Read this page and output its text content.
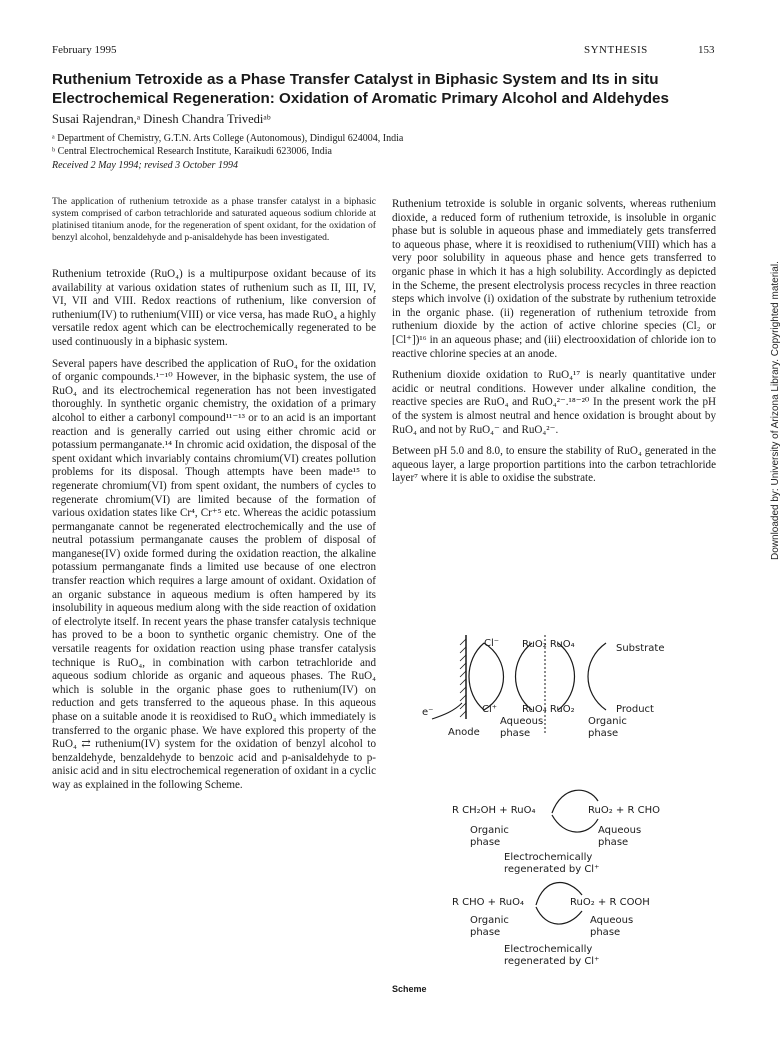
February 1995	SYNTHESIS	153
Ruthenium Tetroxide as a Phase Transfer Catalyst in Biphasic System and Its in situ Electrochemical Regeneration: Oxidation of Aromatic Primary Alcohol and Aldehydes
Susai Rajendran,ᵃ Dinesh Chandra Trivediᵃᵇ
ᵃ Department of Chemistry, G.T.N. Arts College (Autonomous), Dindigul 624004, India
ᵇ Central Electrochemical Research Institute, Karaikudi 623006, India
Received 2 May 1994; revised 3 October 1994
The application of ruthenium tetroxide as a phase transfer catalyst in a biphasic system comprised of carbon tetrachloride and saturated aqueous sodium chloride at platinised titanium anode, for the regeneration of spent oxidant, for the oxidation of benzyl alcohol, benzaldehyde and p-anisaldehyde has been investigated.

Ruthenium tetroxide (RuO₄) is a multipurpose oxidant because of its availability at various oxidation states of ruthenium such as II, III, IV, VI, VII and VIII. Redox reactions of ruthenium, like conversion of ruthenium(IV) to ruthenium(VIII) or vice versa, has made RuO₄ a highly versatile redox agent which can be electrochemically regenerated to be used continuously in a biphasic system.

Several papers have described the application of RuO₄ for the oxidation of organic compounds.¹⁻¹⁰ However, in the biphasic system, the use of RuO₄ and its electrochemical regeneration has not been investigated thoroughly. In synthetic organic chemistry, the oxidation of a primary alcohol to either a carbonyl compound¹¹⁻¹³ or to an acid is an important reaction and is generally carried out using either chromic acid or potassium permanganate.¹⁴ In chromic acid oxidation, the disposal of the spent oxidant which invariably contains chromium(VI) creates pollution problems for its disposal. Though attempts have been made¹⁵ to regenerate chromium(VI) from spent oxidant, the numbers of cycles to regenerate chromium(VI) are limited because of the formation of various oxidation states like Cr⁴, Cr⁺⁵ etc. Whereas the acidic potassium permanganate cannot be regenerated electrochemically and the use of neutral potassium permanganate causes the problem of disposal of manganese(IV) oxide formed during the oxidation reaction, the alkaline potassium permanganate finds a limited use because of one electron transfer reaction which requires a large amount of oxidant. Oxidation of an organic substance in aqueous medium is often hampered by its insolubility in aqueous medium along with the side reaction of oxidation of electrolyte itself. In recent years the phase transfer catalysis technique has proved to be a boon to synthetic organic chemistry. One of the versatile reagents for oxidation reaction using phase transfer catalysis technique is RuO₄, in combination with carbon tetrachloride and aqueous sodium chloride as organic and aqueous phases. The RuO₄ which is soluble in the organic phase goes to ruthenium(IV) on reduction and gets transferred to the aqueous phase. In this aqueous phase on a suitable anode it is reoxidised to RuO₄ which immediately is transferred to the organic phase. We have explored this property of the RuO₄ ⇄ ruthenium(IV) system for the oxidation of benzyl alcohol to benzaldehyde, benzaldehyde to benzoic acid and p-anisaldehyde to p-anisic acid and in situ electrochemical regeneration of oxidant in a cyclic way as explained in the following Scheme.

Ruthenium tetroxide is soluble in organic solvents, whereas ruthenium dioxide, a reduced form of ruthenium tetroxide, is insoluble in organic phase but is soluble in aqueous phase and immediately gets transferred to aqueous phase, where it is reoxidised to ruthenium(VIII) which has a very poor solubility in aqueous phase and hence gets transferred to organic phase in which it has a high solubility. Accordingly as depicted in the Scheme, the present electrolysis process recycles in three reaction steps which involve (i) oxidation of the substrate by ruthenium tetroxide in the organic phase. (ii) regeneration of ruthenium tetroxide from ruthenium dioxide by the action of active chlorine species (Cl₂ or [Cl⁺])¹⁶ in an aqueous phase; and (iii) electrooxidation of chloride ion to reactive chlorine species at an anode.

Ruthenium dioxide oxidation to RuO₄¹⁷ is nearly quantitative under acidic or neutral conditions. However under alkaline condition, the reactive species are RuO₄ and RuO₄²⁻.¹⁸⁻²⁰ In the present work the pH of the system is almost neutral and hence oxidation is brought about by RuO₄ and not by RuO₄⁻ and RuO₄²⁻.

Between pH 5.0 and 8.0, to ensure the stability of RuO₄ generated in the aqueous layer, a large proportion partitions into the carbon tetrachloride layer⁷ where it is able to oxidise the substrate.

e⁻
Cl⁻
Cl⁺
RuO₂ RuO₄
RuO₄ RuO₂
Substrate
Product
Anode
Aqueous phase
Organic phase
R CH₂OH + RuO₄	RuO₂ + R CHO
Organic phase
Aqueous phase
Electrochemically regenerated by Cl⁺
R CHO + RuO₄	RuO₂ + R COOH
Organic phase
Aqueous phase
Electrochemically regenerated by Cl⁺
Scheme
Downloaded by: University of Arizona Library. Copyrighted material.
